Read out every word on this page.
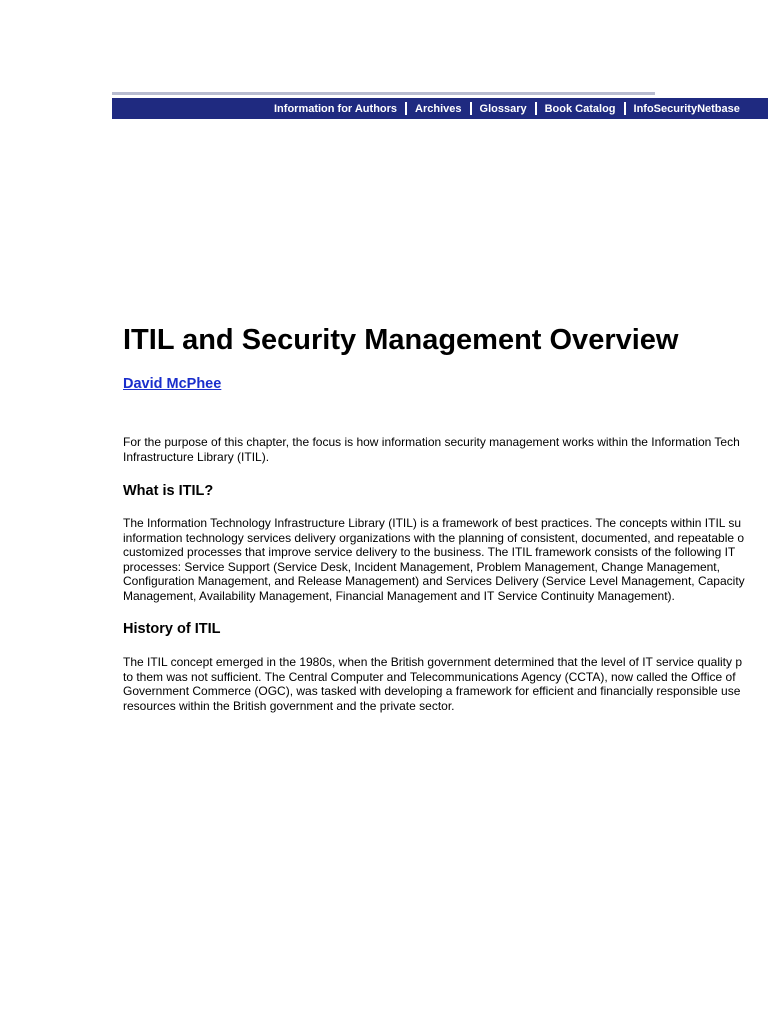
Information for Authors Archives Glossary Book Catalog InfoSecurityNetbase
ITIL and Security Management Overview
David McPhee

For the purpose of this chapter, the focus is how information security management works within the Information Tech
Infrastructure Library (ITIL).

What is ITIL?

The Information Technology Infrastructure Library (ITIL) is a framework of best practices. The concepts within ITIL su
information technology services delivery organizations with the planning of consistent, documented, and repeatable o
customized processes that improve service delivery to the business. The ITIL framework consists of the following IT
processes: Service Support (Service Desk, Incident Management, Problem Management, Change Management,
Configuration Management, and Release Management) and Services Delivery (Service Level Management, Capacity
Management, Availability Management, Financial Management and IT Service Continuity Management).

History of ITIL

The ITIL concept emerged in the 1980s, when the British government determined that the level of IT service quality p
to them was not sufficient. The Central Computer and Telecommunications Agency (CCTA), now called the Office of
Government Commerce (OGC), was tasked with developing a framework for efficient and financially responsible use
resources within the British government and the private sector.
